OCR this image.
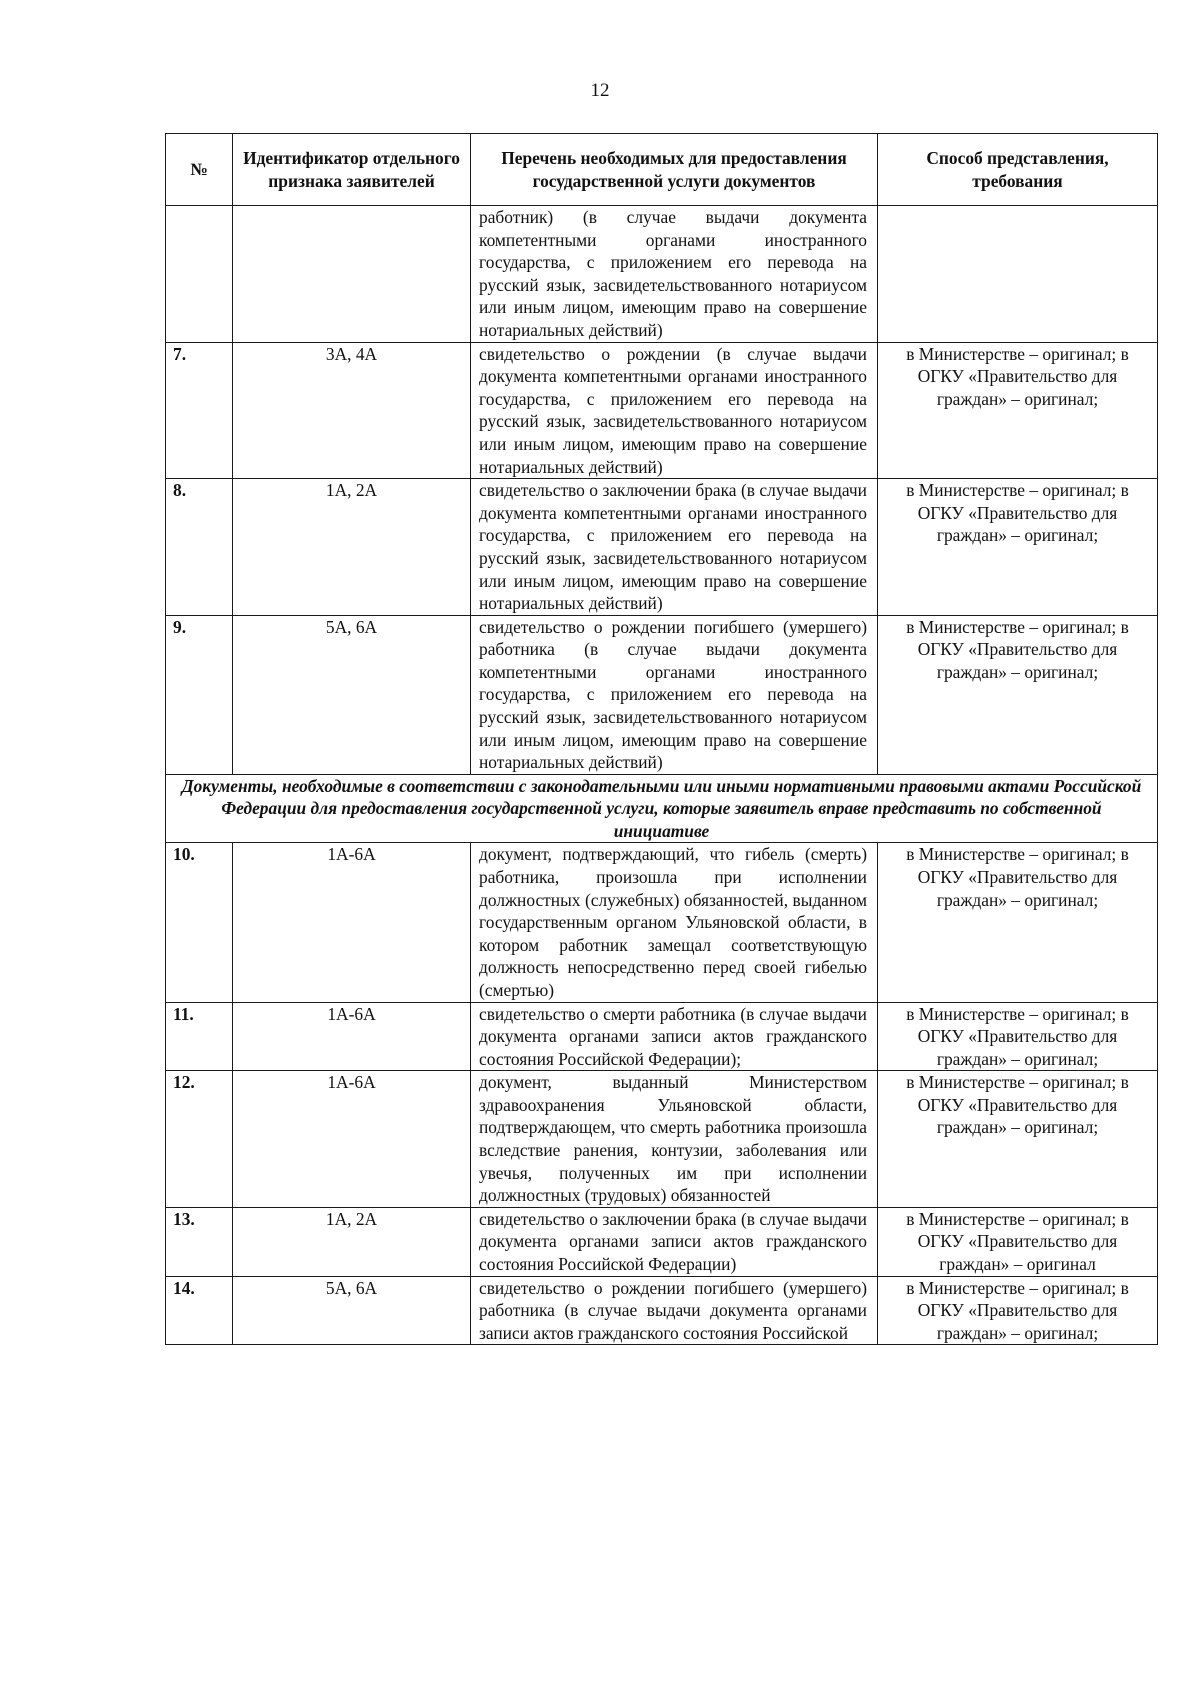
12
№	Идентификатор отдельного признака заявителей	Перечень необходимых для предоставления государственной услуги документов	Способ представления, требования
		работник) (в случае выдачи документа компетентными органами иностранного государства, с приложением его перевода на русский язык, засвидетельствованного нотариусом или иным лицом, имеющим право на совершение нотариальных действий)	
7.	3А, 4А	свидетельство о рождении (в случае выдачи документа компетентными органами иностранного государства, с приложением его перевода на русский язык, засвидетельствованного нотариусом или иным лицом, имеющим право на совершение нотариальных действий)	в Министерстве – оригинал; в ОГКУ «Правительство для граждан» – оригинал;
8.	1А, 2А	свидетельство о заключении брака (в случае выдачи документа компетентными органами иностранного государства, с приложением его перевода на русский язык, засвидетельствованного нотариусом или иным лицом, имеющим право на совершение нотариальных действий)	в Министерстве – оригинал; в ОГКУ «Правительство для граждан» – оригинал;
9.	5А, 6А	свидетельство о рождении погибшего (умершего) работника (в случае выдачи документа компетентными органами иностранного государства, с приложением его перевода на русский язык, засвидетельствованного нотариусом или иным лицом, имеющим право на совершение нотариальных действий)	в Министерстве – оригинал; в ОГКУ «Правительство для граждан» – оригинал;
Документы, необходимые в соответствии с законодательными или иными нормативными правовыми актами Российской Федерации для предоставления государственной услуги, которые заявитель вправе представить по собственной инициативе			
10.	1А-6А	документ, подтверждающий, что гибель (смерть) работника, произошла при исполнении должностных (служебных) обязанностей, выданном государственным органом Ульяновской области, в котором работник замещал соответствующую должность непосредственно перед своей гибелью (смертью)	в Министерстве – оригинал; в ОГКУ «Правительство для граждан» – оригинал;
11.	1А-6А	свидетельство о смерти работника (в случае выдачи документа органами записи актов гражданского состояния Российской Федерации);	в Министерстве – оригинал; в ОГКУ «Правительство для граждан» – оригинал;
12.	1А-6А	документ, выданный Министерством здравоохранения Ульяновской области, подтверждающем, что смерть работника произошла вследствие ранения, контузии, заболевания или увечья, полученных им при исполнении должностных (трудовых) обязанностей	в Министерстве – оригинал; в ОГКУ «Правительство для граждан» – оригинал;
13.	1А, 2А	свидетельство о заключении брака (в случае выдачи документа органами записи актов гражданского состояния Российской Федерации)	в Министерстве – оригинал; в ОГКУ «Правительство для граждан» – оригинал
14.	5А, 6А	свидетельство о рождении погибшего (умершего) работника (в случае выдачи документа органами записи актов гражданского состояния Российской	в Министерстве – оригинал; в ОГКУ «Правительство для граждан» – оригинал;
